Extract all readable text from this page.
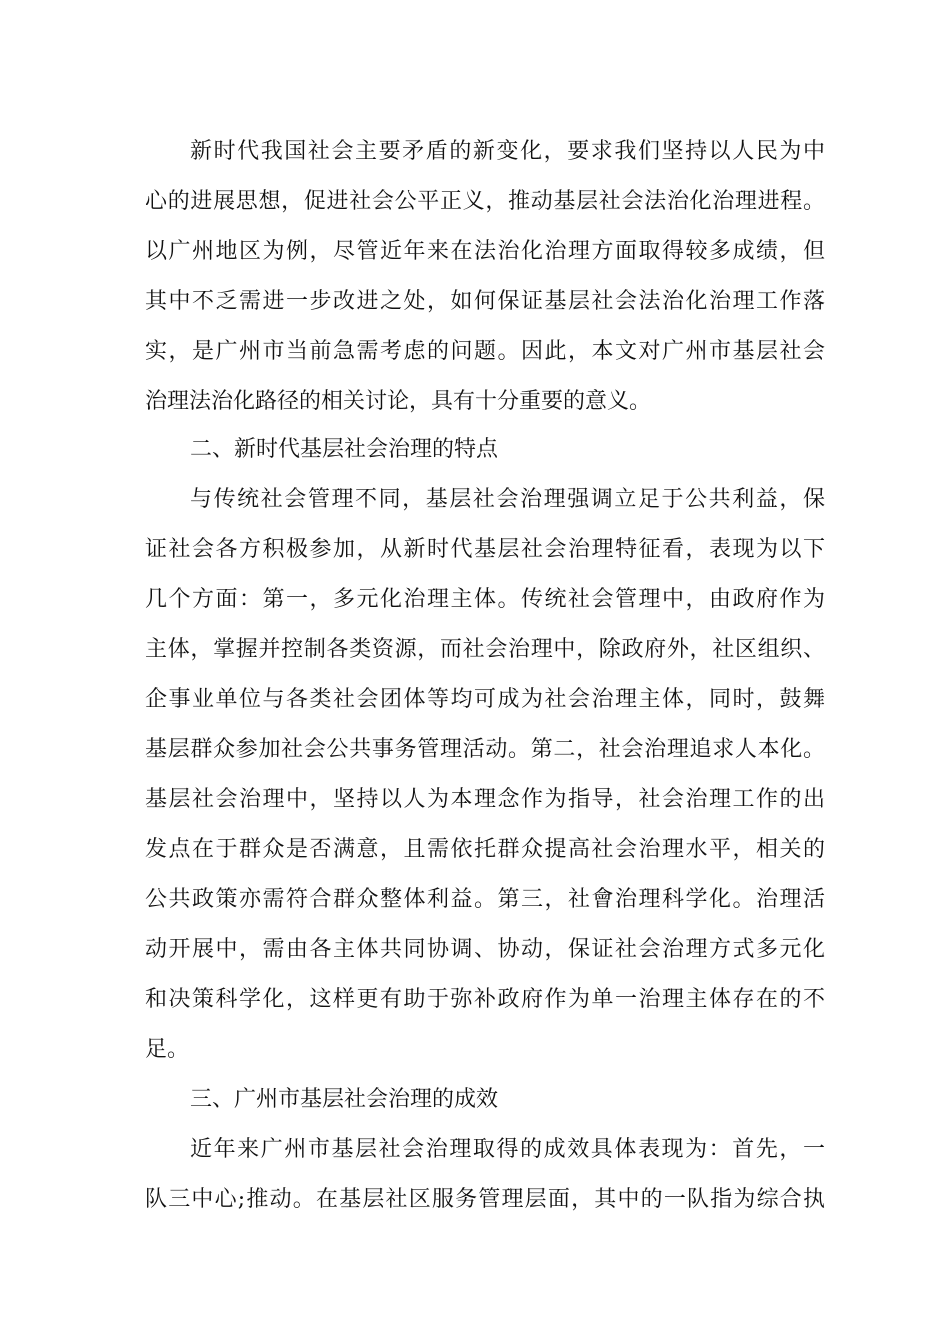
新时代我国社会主要矛盾的新变化，要求我们坚持以人民为中
心的进展思想，促进社会公平正义，推动基层社会法治化治理进程。
以广州地区为例，尽管近年来在法治化治理方面取得较多成绩，但
其中不乏需进一步改进之处，如何保证基层社会法治化治理工作落
实，是广州市当前急需考虑的问题。因此，本文对广州市基层社会
治理法治化路径的相关讨论，具有十分重要的意义。
二、新时代基层社会治理的特点
与传统社会管理不同，基层社会治理强调立足于公共利益，保
证社会各方积极参加，从新时代基层社会治理特征看，表现为以下
几个方面：第一，多元化治理主体。传统社会管理中，由政府作为
主体，掌握并控制各类资源，而社会治理中，除政府外，社区组织、
企事业单位与各类社会团体等均可成为社会治理主体，同时，鼓舞
基层群众参加社会公共事务管理活动。第二，社会治理追求人本化。
基层社会治理中，坚持以人为本理念作为指导，社会治理工作的出
发点在于群众是否满意，且需依托群众提高社会治理水平，相关的
公共政策亦需符合群众整体利益。第三，社會治理科学化。治理活
动开展中，需由各主体共同协调、协动，保证社会治理方式多元化
和决策科学化，这样更有助于弥补政府作为单一治理主体存在的不
足。
三、广州市基层社会治理的成效
近年来广州市基层社会治理取得的成效具体表现为：首先，一
队三中心;推动。在基层社区服务管理层面，其中的一队指为综合执
